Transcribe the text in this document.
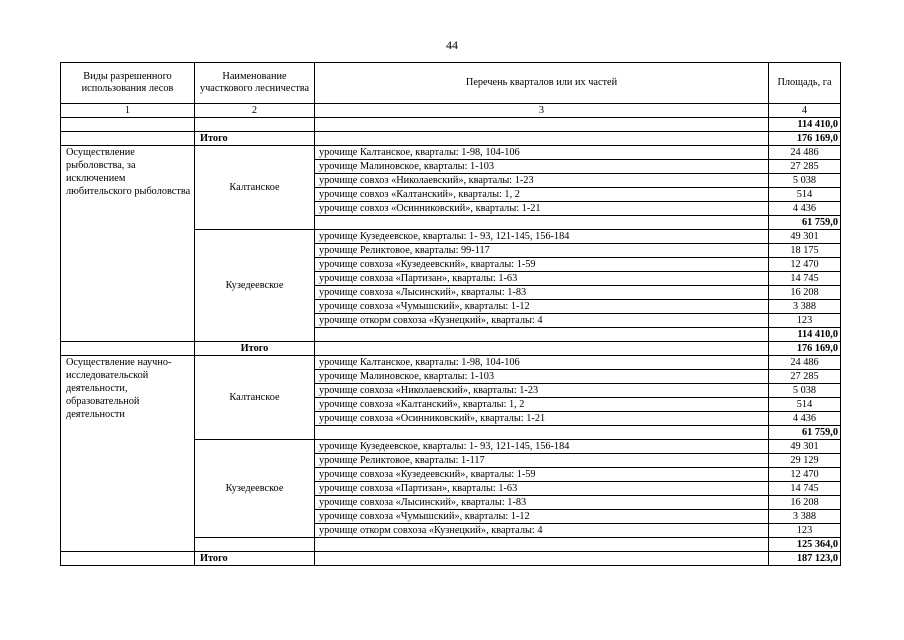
44
Виды разрешенного использования лесов	Наименование участкового лесничества	Перечень кварталов или их частей	Площадь, га
1	2	3	4
			114 410,0
	Итого		176 169,0
Осуществление рыболовства, за исключением любительского рыболовства	Калтанское	урочище Калтанское, кварталы: 1-98, 104-106	24 486
		урочище Малиновское, кварталы: 1-103	27 285
		урочище совхоз «Николаевский», кварталы: 1-23	5 038
		урочище совхоз «Калтанский», кварталы: 1, 2	514
		урочище совхоз «Осинниковский», кварталы: 1-21	4 436
			61 759,0
	Кузедеевское	урочище Кузедеевское, кварталы: 1- 93, 121-145, 156-184	49 301
		урочище Реликтовое, кварталы: 99-117	18 175
		урочище совхоза «Кузедеевский», кварталы: 1-59	12 470
		урочище совхоза «Партизан», кварталы: 1-63	14 745
		урочище совхоза «Лысинский», кварталы: 1-83	16 208
		урочище совхоза «Чумышский», кварталы: 1-12	3 388
		урочище откорм совхоза «Кузнецкий», кварталы: 4	123
			114 410,0
	Итого		176 169,0
Осуществление научно-исследовательской деятельности, образовательной деятельности	Калтанское	урочище Калтанское, кварталы: 1-98, 104-106	24 486
		урочище Малиновское, кварталы: 1-103	27 285
		урочище совхоза «Николаевский», кварталы: 1-23	5 038
		урочище совхоза «Калтанский», кварталы: 1, 2	514
		урочище совхоза «Осинниковский», кварталы: 1-21	4 436
			61 759,0
	Кузедеевское	урочище Кузедеевское, кварталы: 1- 93, 121-145, 156-184	49 301
		урочище Реликтовое, кварталы: 1-117	29 129
		урочище совхоза «Кузедеевский», кварталы: 1-59	12 470
		урочище совхоза «Партизан», кварталы: 1-63	14 745
		урочище совхоза «Лысинский», кварталы: 1-83	16 208
		урочище совхоза «Чумышский», кварталы: 1-12	3 388
		урочище откорм совхоза «Кузнецкий», кварталы: 4	123
			125 364,0
	Итого		187 123,0
